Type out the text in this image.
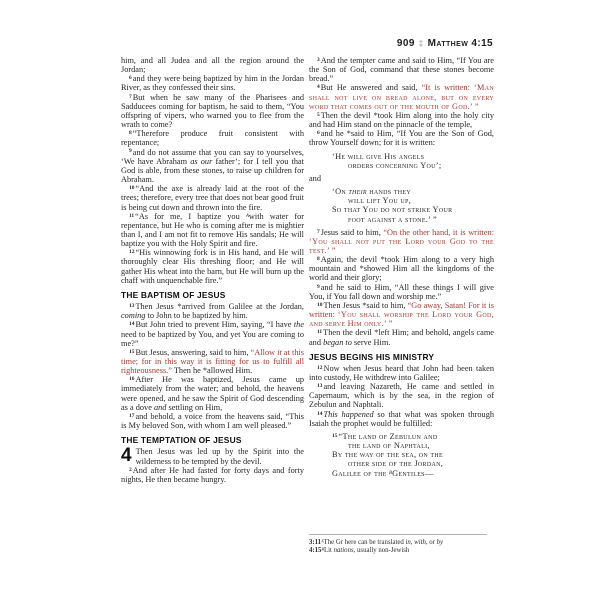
909 ‡ Matthew 4:15
him, and all Judea and all the region around the Jordan;
$^6$and they were being baptized by him in the Jordan River, as they confessed their sins.
$^7$But when he saw many of the Pharisees and Sadducees coming for baptism, he said to them, “You offspring of vipers, who warned you to flee from the wrath to come?
$^8$“Therefore produce fruit consistent with repentance;
$^9$and do not assume that you can say to yourselves, ‘We have Abraham as our father’; for I tell you that God is able, from these stones, to raise up children for Abraham.
$^{10}$“And the axe is already laid at the root of the trees; therefore, every tree that does not bear good fruit is being cut down and thrown into the fire.
$^{11}$“As for me, I baptize you $^A$with water for repentance, but He who is coming after me is mightier than I, and I am not fit to remove His sandals; He will baptize you with the Holy Spirit and fire.
$^{12}$“His winnowing fork is in His hand, and He will thoroughly clear His threshing floor; and He will gather His wheat into the barn, but He will burn up the chaff with unquenchable fire.”
THE BAPTISM OF JESUS
$^{13}$Then Jesus *arrived from Galilee at the Jordan, coming to John to be baptized by him.
$^{14}$But John tried to prevent Him, saying, “I have the need to be baptized by You, and yet You are coming to me?”
$^{15}$But Jesus, answering, said to him, “Allow it at this time; for in this way it is fitting for us to fulfill all righteousness.” Then he *allowed Him.
$^{16}$After He was baptized, Jesus came up immediately from the water; and behold, the heavens were opened, and he saw the Spirit of God descending as a dove and settling on Him,
$^{17}$and behold, a voice from the heavens said, “This is My beloved Son, with whom I am well pleased.”
THE TEMPTATION OF JESUS
4 Then Jesus was led up by the Spirit into the wilderness to be tempted by the devil.
$^2$And after He had fasted for forty days and forty nights, He then became hungry.
$^3$And the tempter came and said to Him, “If You are the Son of God, command that these stones become bread.”
$^4$But He answered and said, “It is written: ‘Man shall not live on bread alone, but on every word that comes out of the mouth of God.’ ”
$^5$Then the devil *took Him along into the holy city and had Him stand on the pinnacle of the temple,
$^6$and he *said to Him, “If You are the Son of God, throw Yourself down; for it is written:
‘He will give His angels
orders concerning You’;
and
‘On their hands they
will lift You up,
So that You do not strike Your
foot against a stone.’ ”
$^7$Jesus said to him, “On the other hand, it is written: ‘You shall not put the Lord your God to the test.’ ”
$^8$Again, the devil *took Him along to a very high mountain and *showed Him all the kingdoms of the world and their glory;
$^9$and he said to Him, “All these things I will give You, if You fall down and worship me.”
$^{10}$Then Jesus *said to him, “Go away, Satan! For it is written: ‘You shall worship the Lord your God, and serve Him only.’ ”
$^{11}$Then the devil *left Him; and behold, angels came and began to serve Him.
JESUS BEGINS HIS MINISTRY
$^{12}$Now when Jesus heard that John had been taken into custody, He withdrew into Galilee;
$^{13}$and leaving Nazareth, He came and settled in Capernaum, which is by the sea, in the region of Zebulun and Naphtali.
$^{14}$This happened so that what was spoken through Isaiah the prophet would be fulfilled:
$^{15}$“The land of Zebulun and
the land of Naphtali,
By the way of the sea, on the
other side of the Jordan,
Galilee of the $^B$Gentiles—
$3:11^AThe$ Gr here can be translated in, with, or by
$4:15^BLit$ nations, usually non-Jewish
